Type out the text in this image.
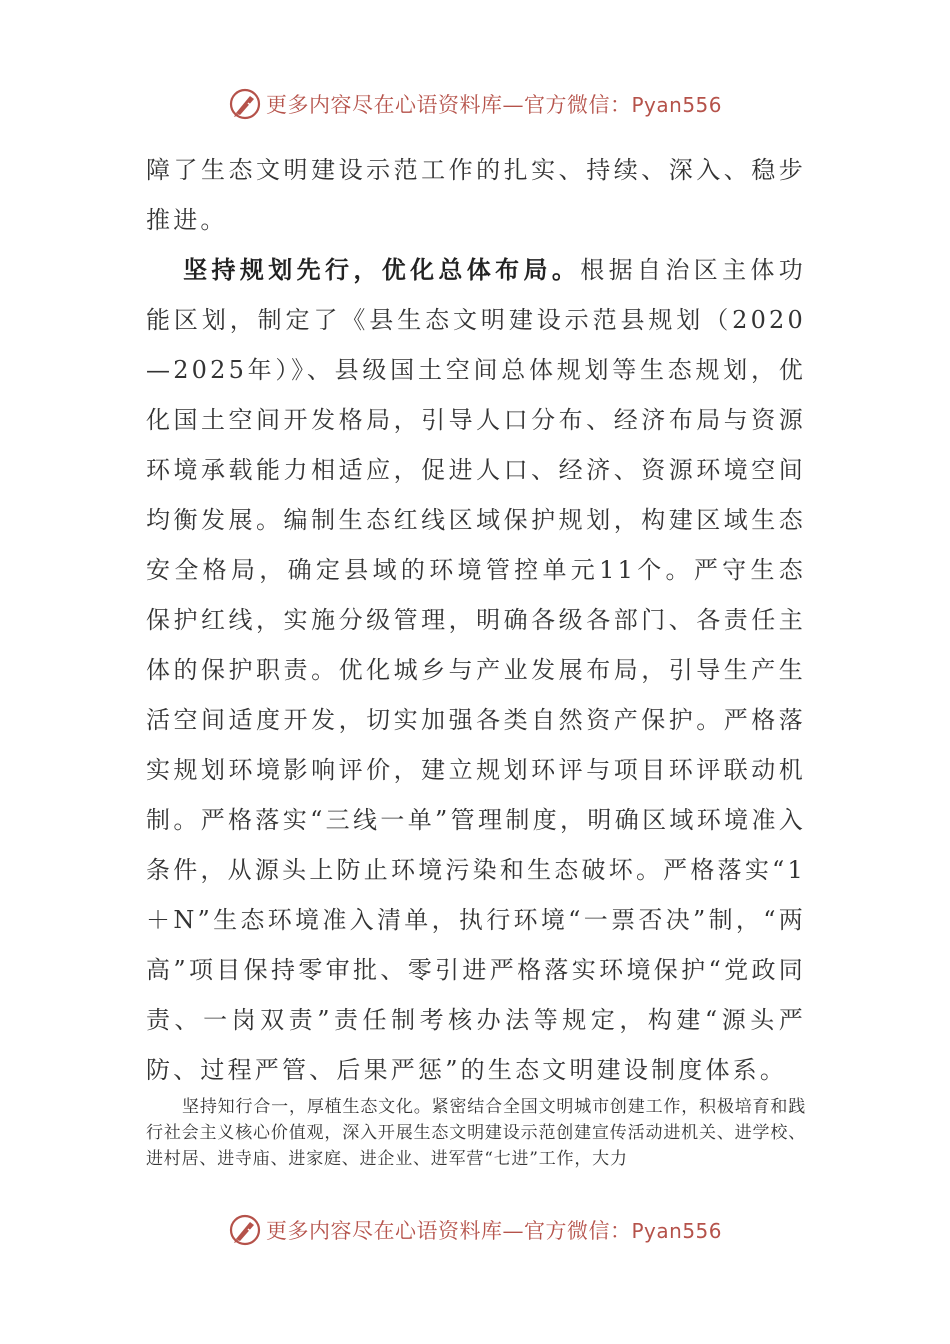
更多内容尽在心语资料库—官方微信：Pyan556

障了生态文明建设示范工作的扎实、持续、深入、稳步推进。

坚持规划先行，优化总体布局。根据自治区主体功能区划，制定了《县生态文明建设示范县规划（2020—2025年）》、县级国土空间总体规划等生态规划，优化国土空间开发格局，引导人口分布、经济布局与资源环境承载能力相适应，促进人口、经济、资源环境空间均衡发展。编制生态红线区域保护规划，构建区域生态安全格局，确定县域的环境管控单元11个。严守生态保护红线，实施分级管理，明确各级各部门、各责任主体的保护职责。优化城乡与产业发展布局，引导生产生活空间适度开发，切实加强各类自然资产保护。严格落实规划环境影响评价，建立规划环评与项目环评联动机制。严格落实“三线一单”管理制度，明确区域环境准入条件，从源头上防止环境污染和生态破坏。严格落实“1＋N”生态环境准入清单，执行环境“一票否决”制，“两高”项目保持零审批、零引进严格落实环境保护“党政同责、一岗双责”责任制考核办法等规定，构建“源头严防、过程严管、后果严惩”的生态文明建设制度体系。

坚持知行合一，厚植生态文化。紧密结合全国文明城市创建工作，积极培育和践行社会主义核心价值观，深入开展生态文明建设示范创建宣传活动进机关、进学校、进村居、进寺庙、进家庭、进企业、进军营“七进”工作，大力

更多内容尽在心语资料库—官方微信：Pyan556
